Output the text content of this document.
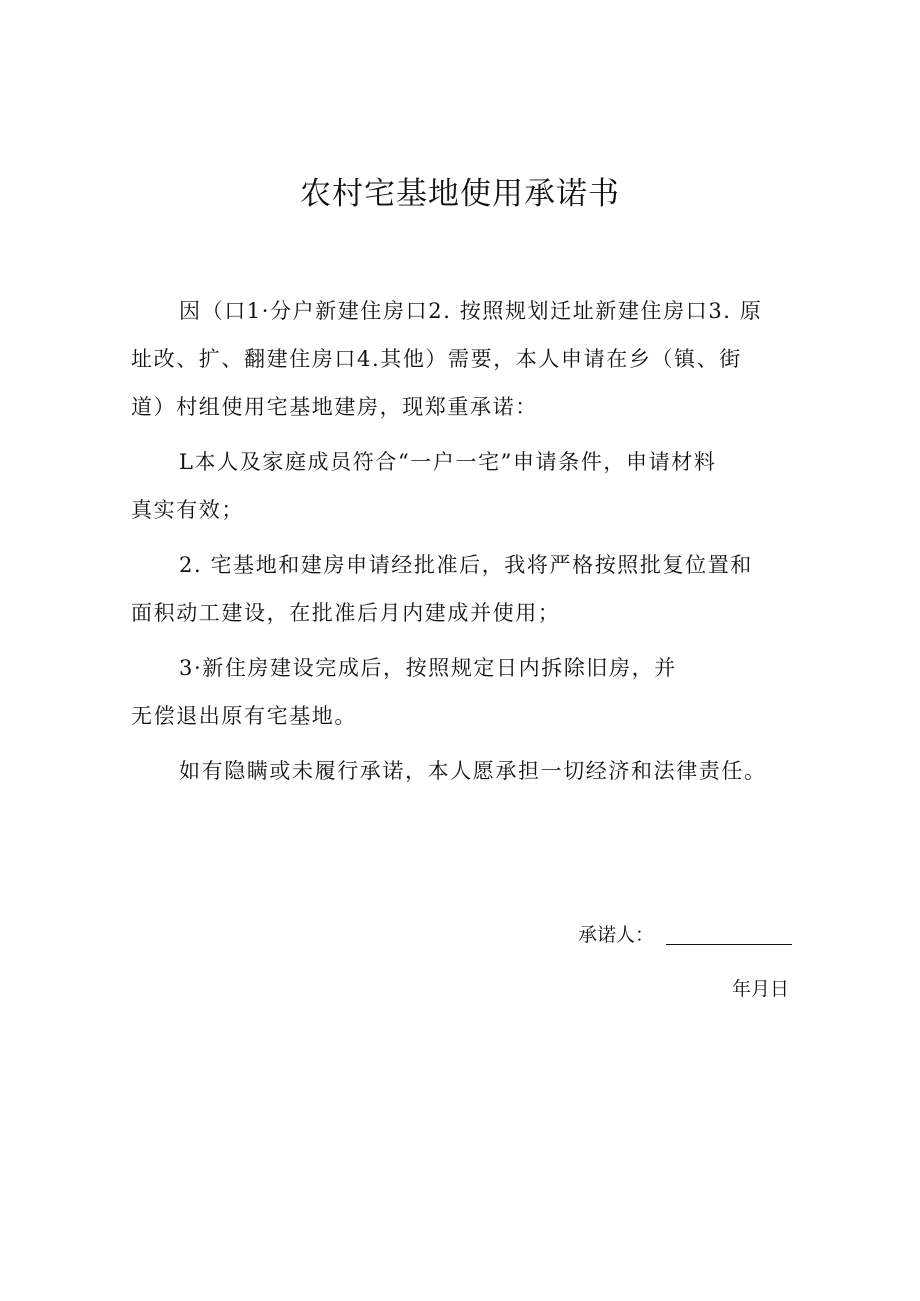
农村宅基地使用承诺书
因（口1·分户新建住房口2. 按照规划迁址新建住房口3. 原
址改、扩、翻建住房口4.其他）需要，本人申请在乡（镇、街
道）村组使用宅基地建房，现郑重承诺：
L本人及家庭成员符合“一户一宅”申请条件，申请材料
真实有效；
2. 宅基地和建房申请经批准后，我将严格按照批复位置和
面积动工建设，在批准后月内建成并使用；
3·新住房建设完成后，按照规定日内拆除旧房，并
无偿退出原有宅基地。
如有隐瞒或未履行承诺，本人愿承担一切经济和法律责任。
承诺人：
年月日
